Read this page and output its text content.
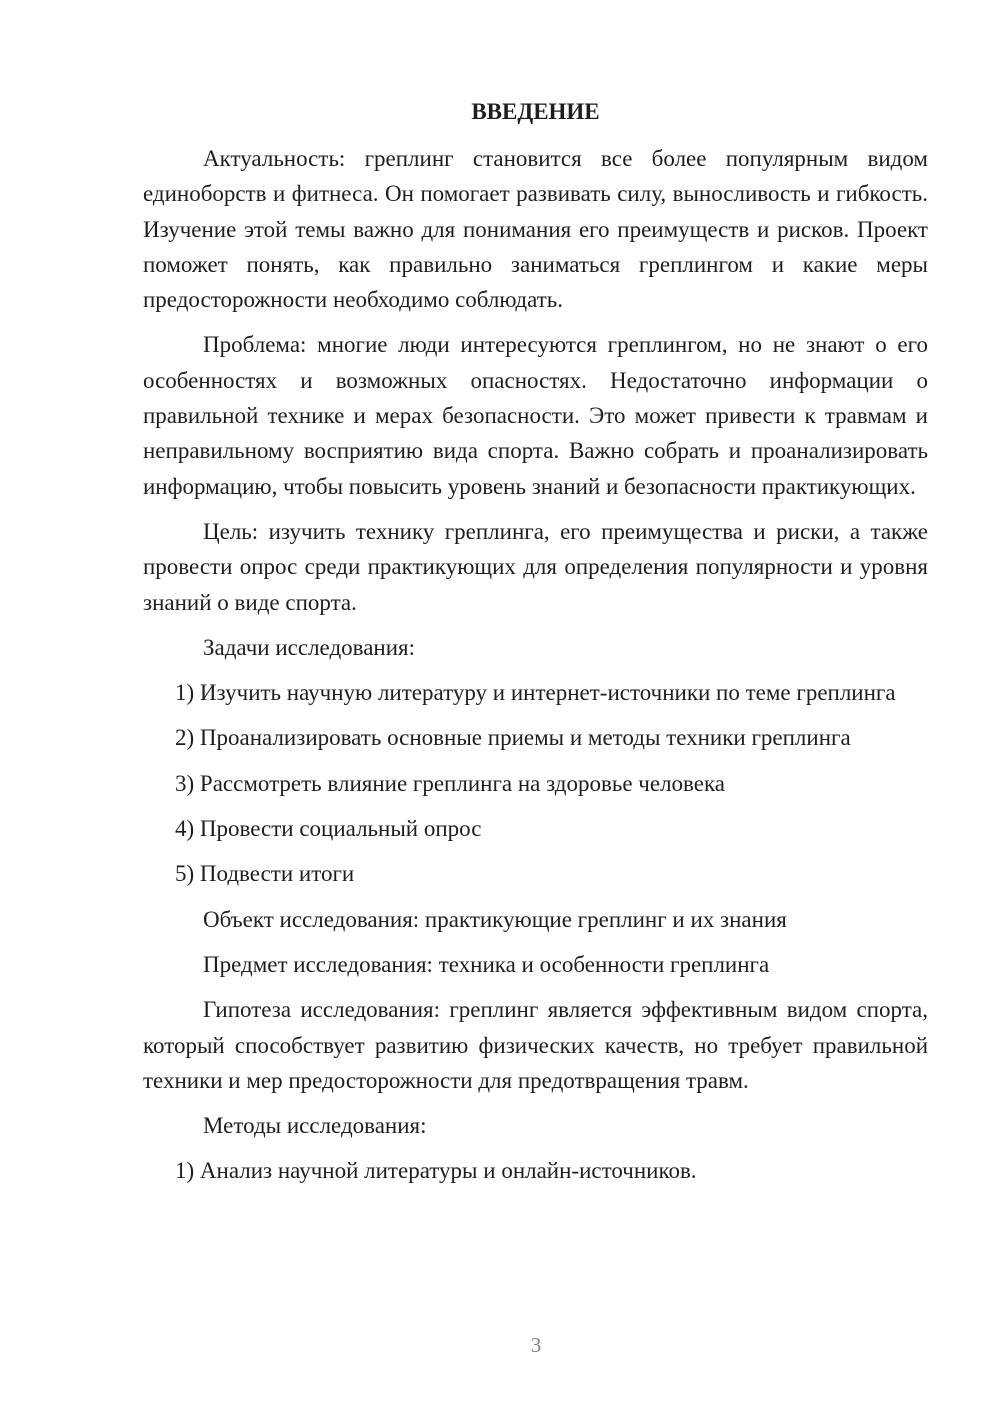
ВВЕДЕНИЕ

Актуальность: греплинг становится все более популярным видом единоборств и фитнеса. Он помогает развивать силу, выносливость и гибкость. Изучение этой темы важно для понимания его преимуществ и рисков. Проект поможет понять, как правильно заниматься греплингом и какие меры предосторожности необходимо соблюдать.

Проблема: многие люди интересуются греплингом, но не знают о его особенностях и возможных опасностях. Недостаточно информации о правильной технике и мерах безопасности. Это может привести к травмам и неправильному восприятию вида спорта. Важно собрать и проанализировать информацию, чтобы повысить уровень знаний и безопасности практикующих.

Цель: изучить технику греплинга, его преимущества и риски, а также провести опрос среди практикующих для определения популярности и уровня знаний о виде спорта.

Задачи исследования:
1) Изучить научную литературу и интернет-источники по теме греплинга
2) Проанализировать основные приемы и методы техники греплинга
3) Рассмотреть влияние греплинга на здоровье человека
4) Провести социальный опрос
5) Подвести итоги
Объект исследования: практикующие греплинг и их знания
Предмет исследования: техника и особенности греплинга

Гипотеза исследования: греплинг является эффективным видом спорта, который способствует развитию физических качеств, но требует правильной техники и мер предосторожности для предотвращения травм.

Методы исследования:
1) Анализ научной литературы и онлайн-источников.
3
